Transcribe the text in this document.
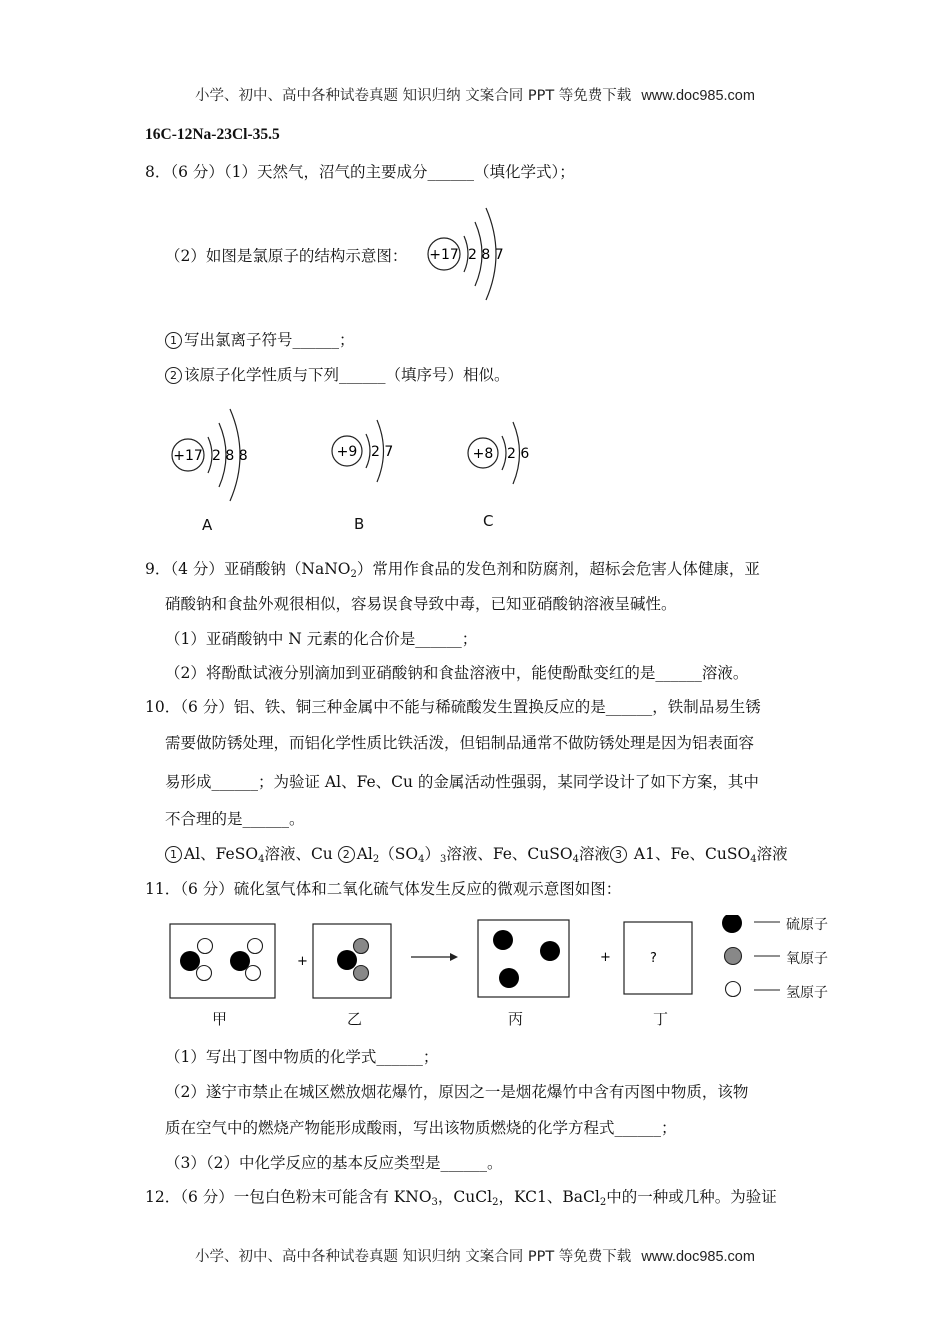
小学、初中、高中各种试卷真题 知识归纳 文案合同 PPT 等免费下载 www.doc985.com
16C-12Na-23Cl-35.5
8．（6 分）（1）天然气，沼气的主要成分______（填化学式）；
（2）如图是氯原子的结构示意图： +17 2 8 7
1 写出氯离子符号______；
2 该原子化学性质与下列______（填序号）相似。
+17 2 8 8	+9 2 7	+8 2 6
A	B	C
9．（4 分）亚硝酸钠（NaNO$_2$）常用作食品的发色剂和防腐剂，超标会危害人体健康，亚
硝酸钠和食盐外观很相似，容易误食导致中毒，已知亚硝酸钠溶液呈碱性。
（1）亚硝酸钠中 N 元素的化合价是______；
（2）将酚酞试液分别滴加到亚硝酸钠和食盐溶液中，能使酚酞变红的是______溶液。
10．（6 分）铝、铁、铜三种金属中不能与稀硫酸发生置换反应的是______，铁制品易生锈
需要做防锈处理，而铝化学性质比铁活泼，但铝制品通常不做防锈处理是因为铝表面容
易形成______；为验证 Al、Fe、Cu 的金属活动性强弱，某同学设计了如下方案，其中
不合理的是______。
1 Al、FeSO$_4$溶液、Cu 2 $Al_2(SO_4)_3$溶液、Fe、CuSO$_4$溶液 3 A1、Fe、CuSO$_4$溶液
11．（6 分）硫化氢气体和二氧化硫气体发生反应的微观示意图如图：
+	+	?
硫原子
氧原子
氢原子
甲	乙	丙	丁
（1）写出丁图中物质的化学式______；
（2）遂宁市禁止在城区燃放烟花爆竹，原因之一是烟花爆竹中含有丙图中物质，该物
质在空气中的燃烧产物能形成酸雨，写出该物质燃烧的化学方程式______；
（3）（2）中化学反应的基本反应类型是______。
12．（6 分）一包白色粉末可能含有 $KNO_3$，CuCl$_2$，KC1、BaCl$_2$中的一种或几种。为验证
小学、初中、高中各种试卷真题 知识归纳 文案合同 PPT 等免费下载 www.doc985.com
